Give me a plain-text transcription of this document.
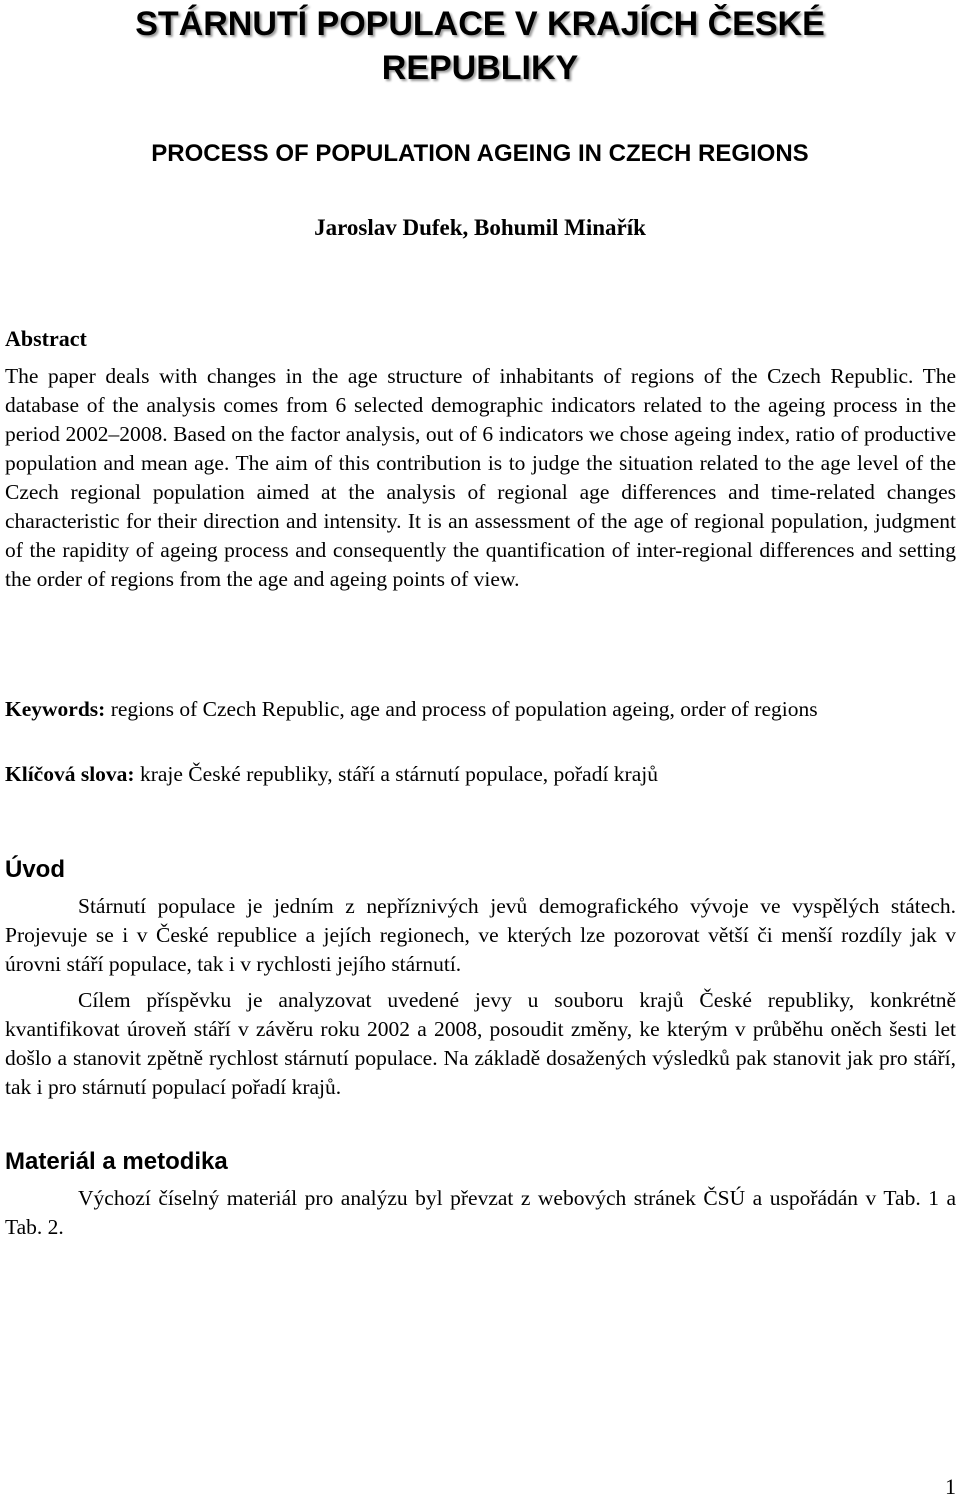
STÁRNUTÍ POPULACE V KRAJÍCH ČESKÉ REPUBLIKY
PROCESS OF POPULATION AGEING IN CZECH REGIONS

Jaroslav Dufek, Bohumil Minařík

Abstract

The paper deals with changes in the age structure of inhabitants of regions of the Czech Republic. The database of the analysis comes from 6 selected demographic indicators related to the ageing process in the period 2002–2008. Based on the factor analysis, out of 6 indicators we chose ageing index, ratio of productive population and mean age. The aim of this contribution is to judge the situation related to the age level of the Czech regional population aimed at the analysis of regional age differences and time-related changes characteristic for their direction and intensity. It is an assessment of the age of regional population, judgment of the rapidity of ageing process and consequently the quantification of inter-regional differences and setting the order of regions from the age and ageing points of view.

Keywords: regions of Czech Republic, age and process of population ageing, order of regions

Klíčová slova: kraje České republiky, stáří a stárnutí populace, pořadí krajů

Úvod

Stárnutí populace je jedním z nepříznivých jevů demografického vývoje ve vyspělých státech. Projevuje se i v České republice a jejích regionech, ve kterých lze pozorovat větší či menší rozdíly jak v úrovni stáří populace, tak i v rychlosti jejího stárnutí.

Cílem příspěvku je analyzovat uvedené jevy u souboru krajů České republiky, konkrétně kvantifikovat úroveň stáří v závěru roku 2002 a 2008, posoudit změny, ke kterým v průběhu oněch šesti let došlo a stanovit zpětně rychlost stárnutí populace. Na základě dosažených výsledků pak stanovit jak pro stáří, tak i pro stárnutí populací pořadí krajů.

Materiál a metodika

Výchozí číselný materiál pro analýzu byl převzat z webových stránek ČSÚ a uspořádán v Tab. 1 a Tab. 2.

1
